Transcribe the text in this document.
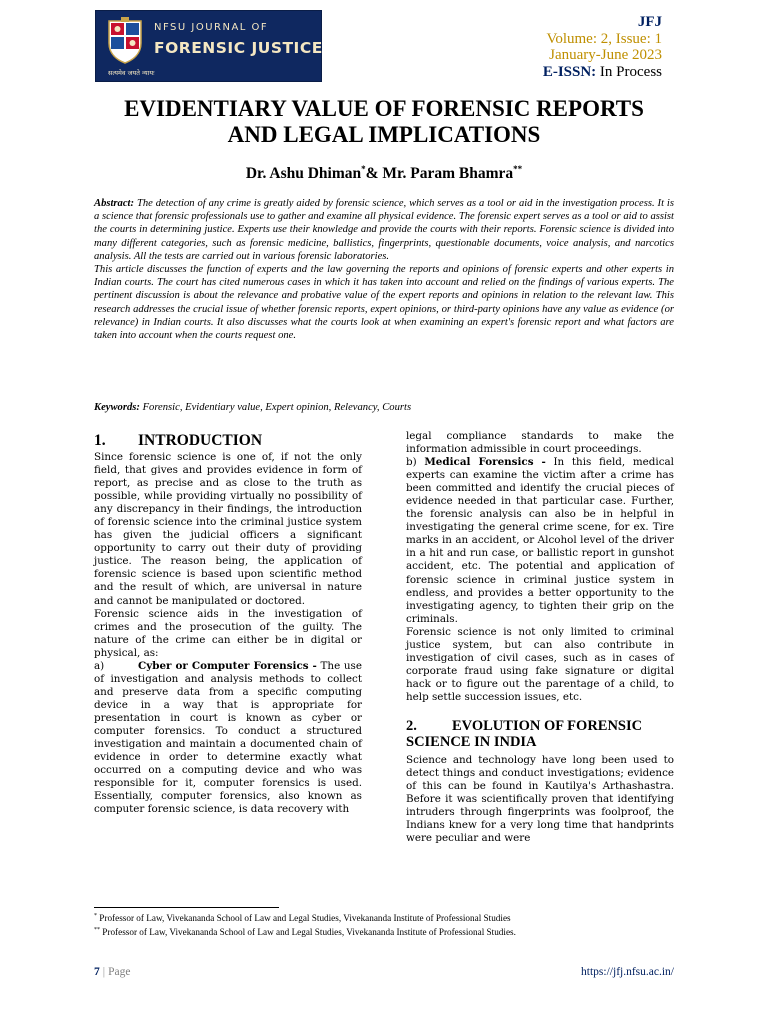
NFSU JOURNAL OF
FORENSIC JUSTICE
सत्यमेव जयते न्यायः
JFJ
Volume: 2, Issue: 1
January-June 2023
E-ISSN: In Process
EVIDENTIARY VALUE OF FORENSIC REPORTS
AND LEGAL IMPLICATIONS
Dr. Ashu Dhiman*& Mr. Param Bhamra**

Abstract: The detection of any crime is greatly aided by forensic science, which serves as a tool or aid in the investigation process. It is a science that forensic professionals use to gather and examine all physical evidence. The forensic expert serves as a tool or aid to assist the courts in determining justice. Experts use their knowledge and provide the courts with their reports. Forensic science is divided into many different categories, such as forensic medicine, ballistics, fingerprints, questionable documents, voice analysis, and narcotics analysis. All the tests are carried out in various forensic laboratories.

This article discusses the function of experts and the law governing the reports and opinions of forensic experts and other experts in Indian courts. The court has cited numerous cases in which it has taken into account and relied on the findings of various experts. The pertinent discussion is about the relevance and probative value of the expert reports and opinions in relation to the relevant law. This research addresses the crucial issue of whether forensic reports, expert opinions, or third-party opinions have any value as evidence (or relevance) in Indian courts. It also discusses what the courts look at when examining an expert's forensic report and what factors are taken into account when the courts request one.

Keywords: Forensic, Evidentiary value, Expert opinion, Relevancy, Courts
1. INTRODUCTION

Since forensic science is one of, if not the only field, that gives and provides evidence in form of report, as precise and as close to the truth as possible, while providing virtually no possibility of any discrepancy in their findings, the introduction of forensic science into the criminal justice system has given the judicial officers a significant opportunity to carry out their duty of providing justice. The reason being, the application of forensic science is based upon scientific method and the result of which, are universal in nature and cannot be manipulated or doctored.

Forensic science aids in the investigation of crimes and the prosecution of the guilty. The nature of the crime can either be in digital or physical, as:

a)	Cyber or Computer Forensics - The use of investigation and analysis methods to collect and preserve data from a specific computing device in a way that is appropriate for presentation in court is known as cyber or computer forensics. To conduct a structured investigation and maintain a documented chain of evidence in order to determine exactly what occurred on a computing device and who was responsible for it, computer forensics is used. Essentially, computer forensics, also known as computer forensic science, is data recovery with

legal compliance standards to make the information admissible in court proceedings.

b) Medical Forensics - In this field, medical experts can examine the victim after a crime has been committed and identify the crucial pieces of evidence needed in that particular case. Further, the forensic analysis can also be in helpful in investigating the general crime scene, for ex. Tire marks in an accident, or Alcohol level of the driver in a hit and run case, or ballistic report in gunshot accident, etc. The potential and application of forensic science in criminal justice system in endless, and provides a better opportunity to the investigating agency, to tighten their grip on the criminals.

Forensic science is not only limited to criminal justice system, but can also contribute in investigation of civil cases, such as in cases of corporate fraud using fake signature or digital hack or to figure out the parentage of a child, to help settle succession issues, etc.

2. EVOLUTION OF FORENSIC
SCIENCE IN INDIA

Science and technology have long been used to detect things and conduct investigations; evidence of this can be found in Kautilya's Arthashastra. Before it was scientifically proven that identifying intruders through fingerprints was foolproof, the Indians knew for a very long time that handprints were peculiar and were

* Professor of Law, Vivekananda School of Law and Legal Studies, Vivekananda Institute of Professional Studies
** Professor of Law, Vivekananda School of Law and Legal Studies, Vivekananda Institute of Professional Studies.
7 | Page	https://jfj.nfsu.ac.in/
